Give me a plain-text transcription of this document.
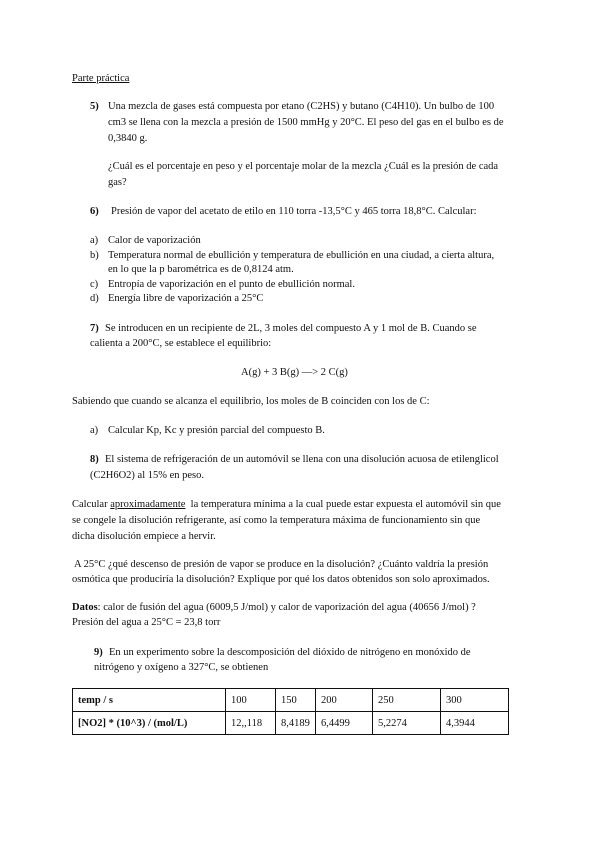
Parte práctica
5) Una mezcla de gases está compuesta por etano (C2HS) y butano (C4H10). Un bulbo de 100
cm3 se llena con la mezcla a presión de 1500 mmHg y 20°C. El peso del gas en el bulbo es de
0,3840 g.
¿Cuál es el porcentaje en peso y el porcentaje molar de la mezcla ¿Cuál es la presión de cada
gas?
6) Presión de vapor del acetato de etilo en 110 torra -13,5°C y 465 torra 18,8°C. Calcular:
a) Calor de vaporización
b) Temperatura normal de ebullición y temperatura de ebullición en una ciudad, a cierta altura,
en lo que la p barométrica es de 0,8124 atm.
c) Entropía de vaporización en el punto de ebullición normal.
d) Energía libre de vaporización a 25°C
7) Se introducen en un recipiente de 2L, 3 moles del compuesto A y 1 mol de B. Cuando se
calienta a 200°C, se establece el equilibrio:
A(g) + 3 B(g) —> 2 C(g)
Sabiendo que cuando se alcanza el equilibrio, los moles de B coinciden con los de C:
a) Calcular Kp, Kc y presión parcial del compuesto B.
8) El sistema de refrigeración de un automóvil se llena con una disolución acuosa de etilenglicol
(C2H6O2) al 15% en peso.
Calcular aproximadamente  la temperatura mínima a la cual puede estar expuesta el automóvil sin que
se congele la disolución refrigerante, así como la temperatura máxima de funcionamiento sin que
dicha disolución empiece a hervir.
A 25°C ¿qué descenso de presión de vapor se produce en la disolución? ¿Cuánto valdría la presión
osmótica que produciría la disolución? Explique por qué los datos obtenidos son solo aproximados.
Datos: calor de fusión del agua (6009,5 J/mol) y calor de vaporización del agua (40656 J/mol) ?
Presión del agua a 25°C = 23,8 torr
9) En un experimento sobre la descomposición del dióxido de nitrógeno en monóxido de
nitrógeno y oxígeno a 327°C, se obtienen
temp / s	100	150	200	250	300
[NO2] * (10^3) / (mol/L)	12,,118	8,4189	6,4499	5,2274	4,3944
